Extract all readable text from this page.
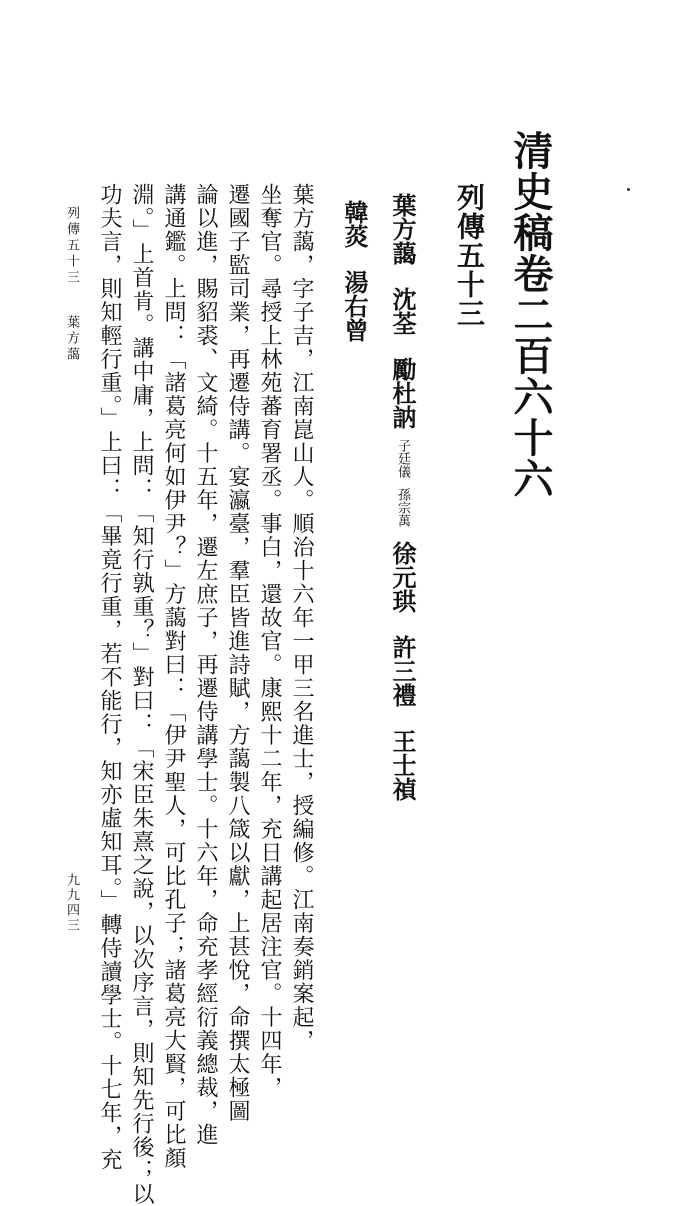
清史稿卷二百六十六
列傳五十三
葉方藹沈荃勵杜訥子廷儀孫宗萬徐元珙許三禮王士禎
韓菼湯右曾
葉方藹，字子吉，江南崑山人。順治十六年一甲三名進士，授編修。江南奏銷案起，
坐奪官。尋授上林苑蕃育署丞。事白，還故官。康熙十二年，充日講起居注官。十四年，
遷國子監司業，再遷侍講。宴瀛臺，羣臣皆進詩賦，方藹製八箴以獻，上甚悅，命撰太極圖
論以進，賜貂裘、文綺。十五年，遷左庶子，再遷侍講學士。十六年，命充孝經衍義總裁，進
講通鑑。上問：「諸葛亮何如伊尹？」方藹對曰：「伊尹聖人，可比孔子；諸葛亮大賢，可比顏
淵。」上首肯。講中庸，上問：「知行孰重？」對曰：「宋臣朱熹之說，以次序言，則知先行後；以
功夫言，則知輕行重。」上曰：「畢竟行重，若不能行，知亦虛知耳。」轉侍讀學士。十七年，充
列傳五十三
葉方藹
九九四三
